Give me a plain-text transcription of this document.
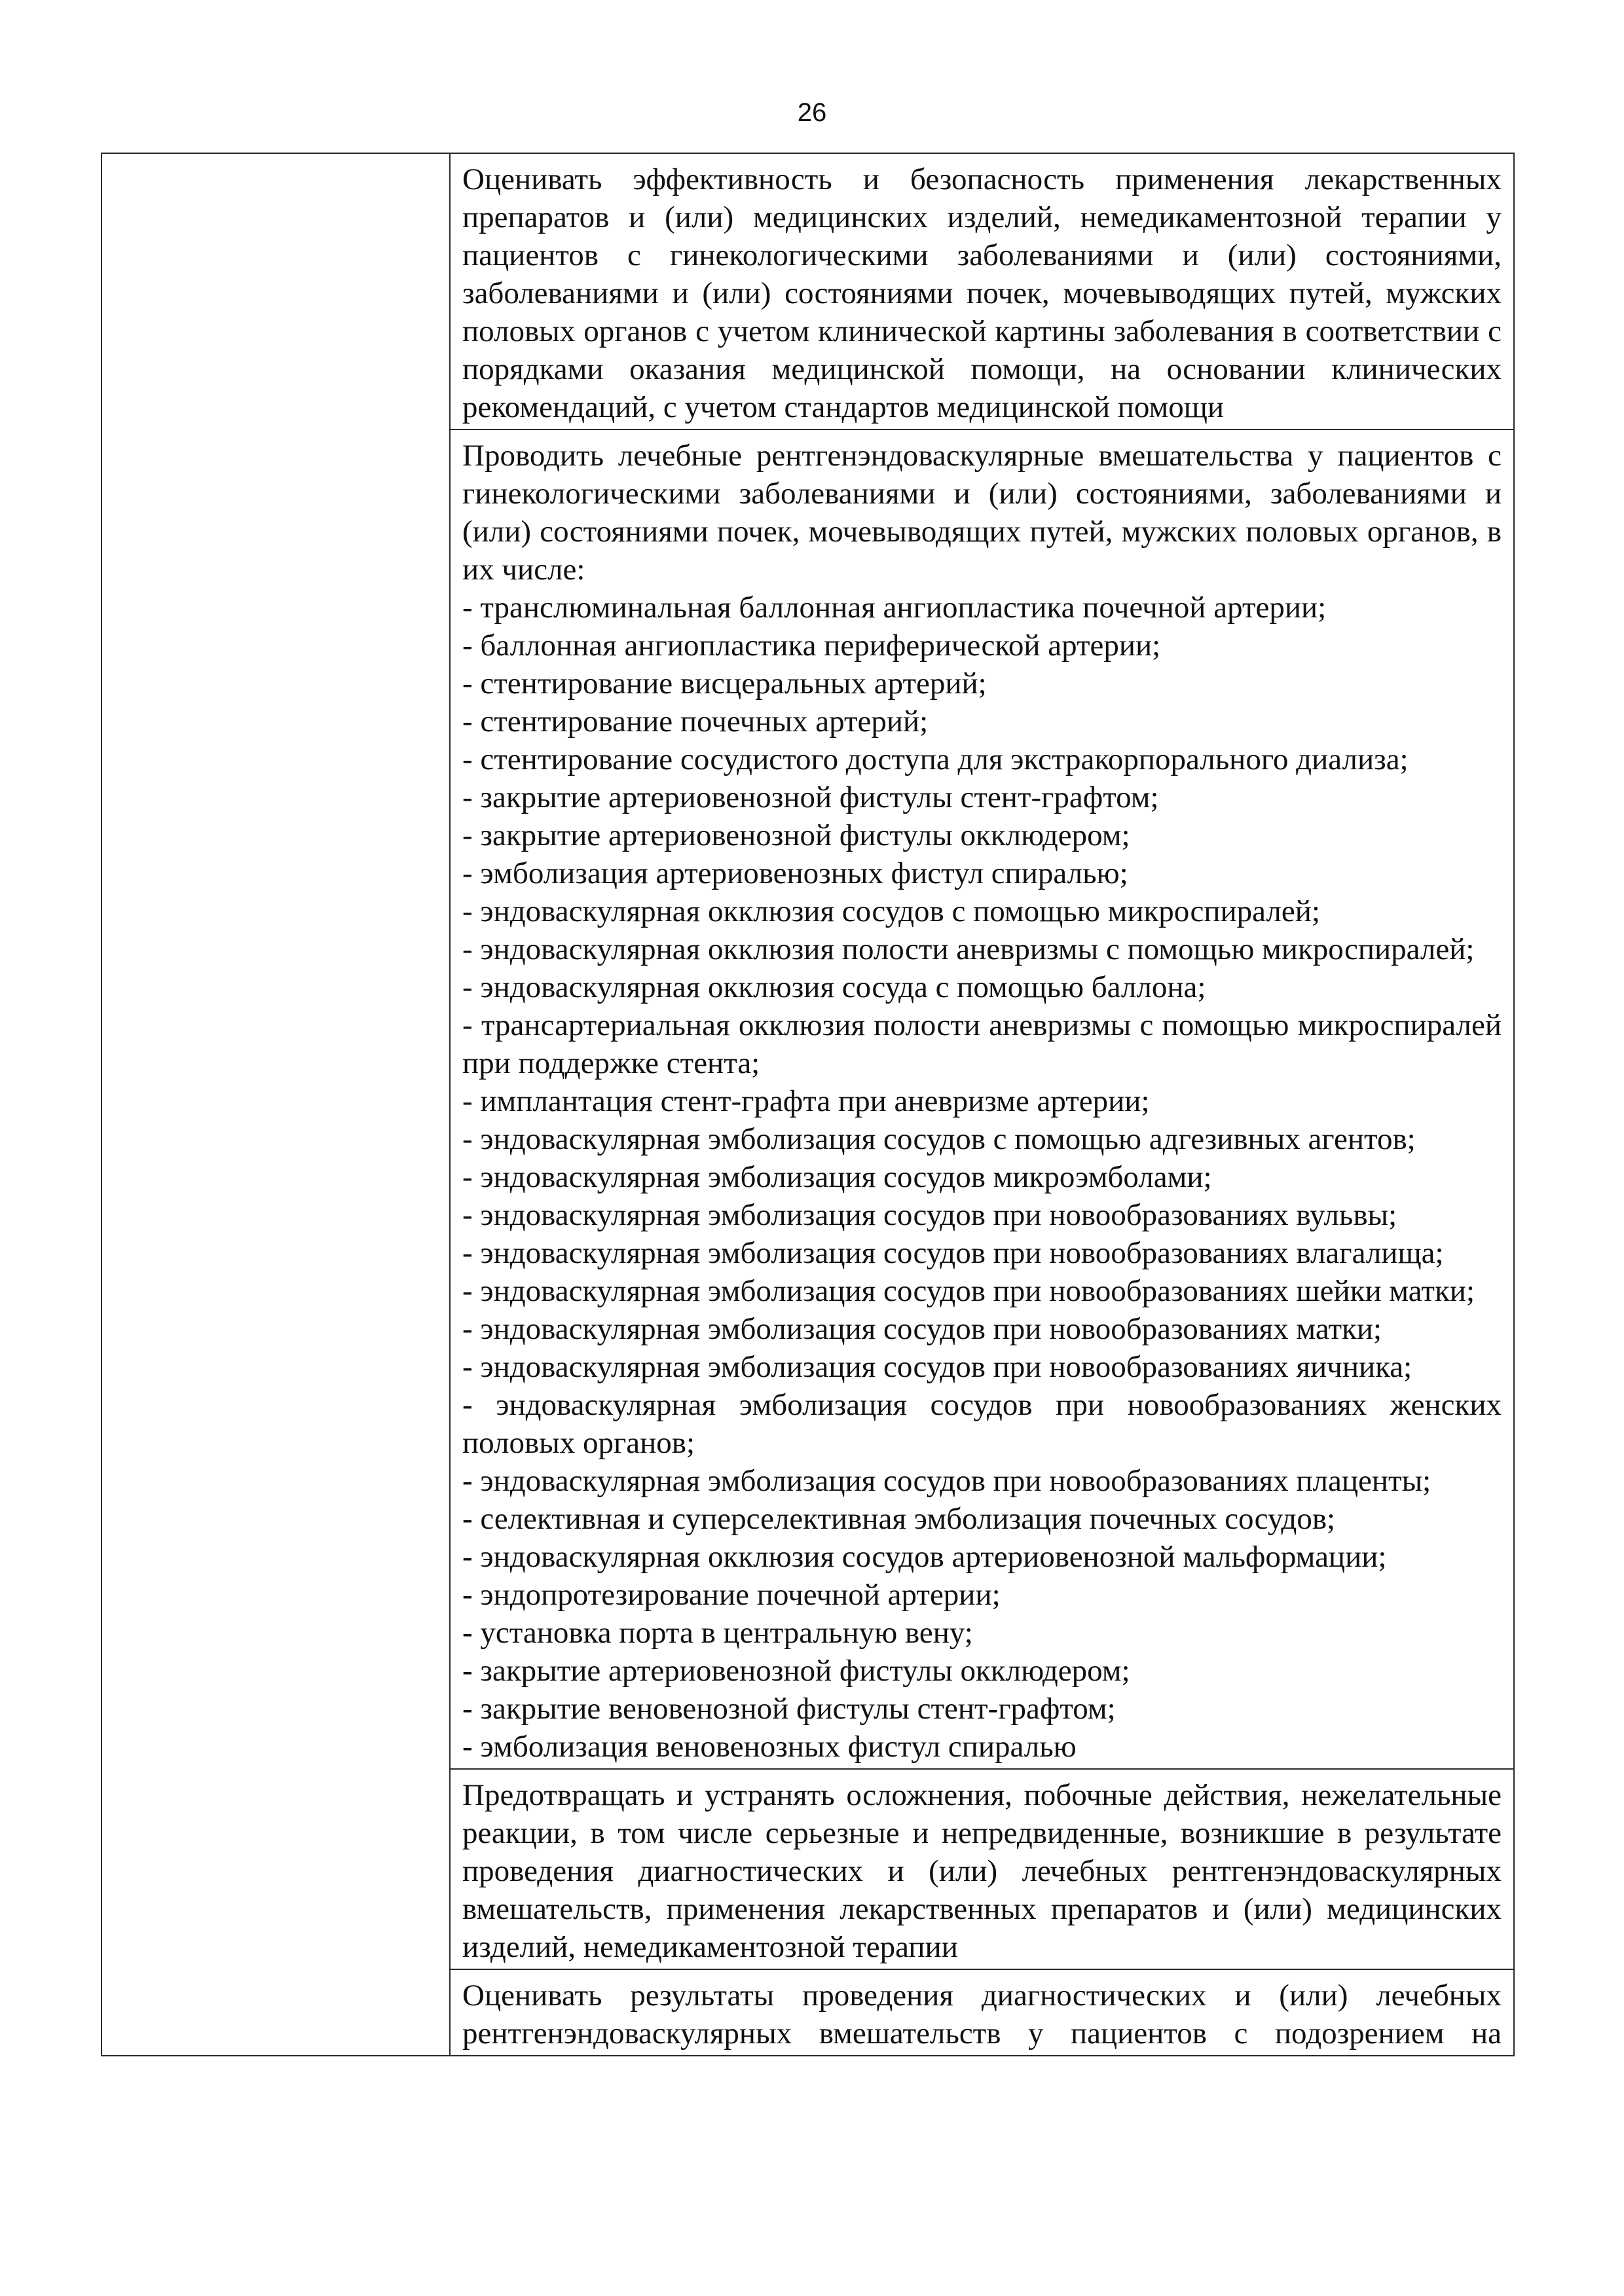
26

Оценивать эффективность и безопасность применения лекарственных препаратов и (или) медицинских изделий, немедикаментозной терапии у пациентов с гинекологическими заболеваниями и (или) состояниями, заболеваниями и (или) состояниями почек, мочевыводящих путей, мужских половых органов с учетом клинической картины заболевания в соответствии с порядками оказания медицинской помощи, на основании клинических рекомендаций, с учетом стандартов медицинской помощи

Проводить лечебные рентгенэндоваскулярные вмешательства у пациентов с гинекологическими заболеваниями и (или) состояниями, заболеваниями и (или) состояниями почек, мочевыводящих путей, мужских половых органов, в их числе:

- транслюминальная баллонная ангиопластика почечной артерии;
- баллонная ангиопластика периферической артерии;
- стентирование висцеральных артерий;
- стентирование почечных артерий;
- стентирование сосудистого доступа для экстракорпорального диализа;
- закрытие артериовенозной фистулы стент-графтом;
- закрытие артериовенозной фистулы окклюдером;
- эмболизация артериовенозных фистул спиралью;
- эндоваскулярная окклюзия сосудов с помощью микроспиралей;
- эндоваскулярная окклюзия полости аневризмы с помощью микроспиралей;
- эндоваскулярная окклюзия сосуда с помощью баллона;
- трансартериальная окклюзия полости аневризмы с помощью микроспиралей при поддержке стента;
- имплантация стент-графта при аневризме артерии;
- эндоваскулярная эмболизация сосудов с помощью адгезивных агентов;
- эндоваскулярная эмболизация сосудов микроэмболами;
- эндоваскулярная эмболизация сосудов при новообразованиях вульвы;
- эндоваскулярная эмболизация сосудов при новообразованиях влагалища;
- эндоваскулярная эмболизация сосудов при новообразованиях шейки матки;
- эндоваскулярная эмболизация сосудов при новообразованиях матки;
- эндоваскулярная эмболизация сосудов при новообразованиях яичника;
- эндоваскулярная эмболизация сосудов при новообразованиях женских половых органов;
- эндоваскулярная эмболизация сосудов при новообразованиях плаценты;
- селективная и суперселективная эмболизация почечных сосудов;
- эндоваскулярная окклюзия сосудов артериовенозной мальформации;
- эндопротезирование почечной артерии;
- установка порта в центральную вену;
- закрытие артериовенозной фистулы окклюдером;
- закрытие веновенозной фистулы стент-графтом;
- эмболизация веновенозных фистул спиралью

Предотвращать и устранять осложнения, побочные действия, нежелательные реакции, в том числе серьезные и непредвиденные, возникшие в результате проведения диагностических и (или) лечебных рентгенэндоваскулярных вмешательств, применения лекарственных препаратов и (или) медицинских изделий, немедикаментозной терапии

Оценивать результаты проведения диагностических и (или) лечебных рентгенэндоваскулярных вмешательств у пациентов с подозрением на
